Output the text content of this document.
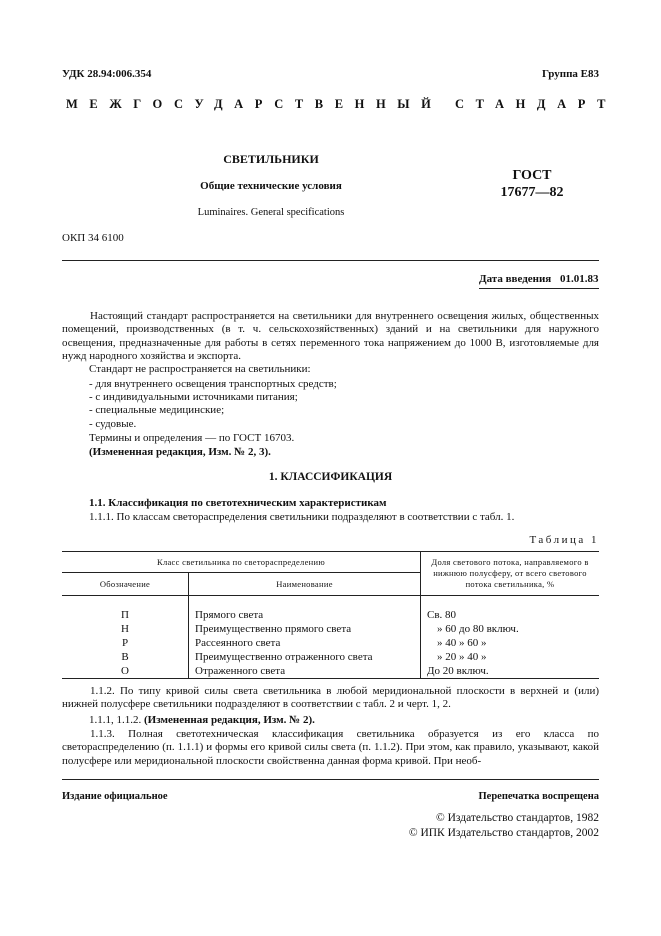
УДК 28.94:006.354	Группа Е83
МЕЖГОСУДАРСТВЕННЫЙ СТАНДАРТ
СВЕТИЛЬНИКИ
Общие технические условия
Luminaires. General specifications
ГОСТ
17677—82
ОКП 34 6100
Дата введения 01.01.83
Настоящий стандарт распространяется на светильники для внутреннего освещения жилых, общественных помещений, производственных (в т. ч. сельскохозяйственных) зданий и на светильники для наружного освещения, предназначенные для работы в сетях переменного тока напряжением до 1000 В, изготовляемые для нужд народного хозяйства и экспорта.
Стандарт не распространяется на светильники:
- для внутреннего освещения транспортных средств;
- с индивидуальными источниками питания;
- специальные медицинские;
- судовые.
Термины и определения — по ГОСТ 16703.
(Измененная редакция, Изм. № 2, 3).
1. КЛАССИФИКАЦИЯ
1.1. Классификация по светотехническим характеристикам
1.1.1. По классам светораспределения светильники подразделяют в соответствии с табл. 1.
Таблица 1
Класс светильника по светораспределению		Доля светового потока, направляемого в нижнюю полусферу, от всего светового потока светильника, %
Обозначение	Наименование	

П	Прямого света	Св. 80
Н	Преимущественно прямого света	» 60 до 80 включ.
Р	Рассеянного света	» 40 » 60 »
В	Преимущественно отраженного света	» 20 » 40 »
О	Отраженного света	До 20 включ.
1.1.2. По типу кривой силы света светильника в любой меридиональной плоскости в верхней и (или) нижней полусфере светильники подразделяют в соответствии с табл. 2 и черт. 1, 2.
1.1.1, 1.1.2. (Измененная редакция, Изм. № 2).
1.1.3. Полная светотехническая классификация светильника образуется из его класса по светораспределению (п. 1.1.1) и формы его кривой силы света (п. 1.1.2). При этом, как правило, указывают, какой полусфере или меридиональной плоскости свойственна данная форма кривой. При необ-
Издание официальное	Перепечатка воспрещена
© Издательство стандартов, 1982
© ИПК Издательство стандартов, 2002
